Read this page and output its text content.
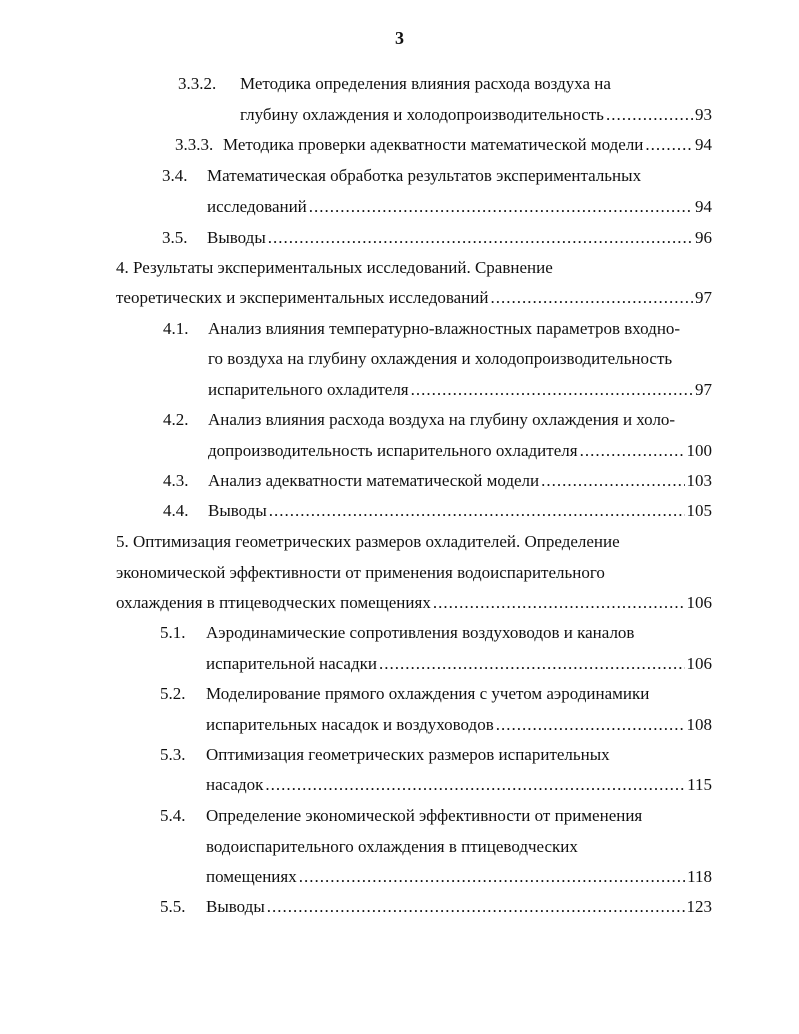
3
3.3.2. Методика определения влияния расхода воздуха на
глубину охлаждения и холодопроизводительность .....	93
3.3.3. Методика проверки адекватности математической модели .....	94
3.4. Математическая обработка результатов экспериментальных
исследований .....	94
3.5. Выводы .....	96
4. Результаты экспериментальных исследований. Сравнение
теоретических и экспериментальных исследований .....	97
4.1. Анализ влияния температурно-влажностных параметров входно-
го воздуха на глубину охлаждения и холодопроизводительность
испарительного охладителя .....	97
4.2. Анализ влияния расхода воздуха на глубину охлаждения и холо-
допроизводительность испарительного охладителя .....	100
4.3. Анализ адекватности математической модели .....	103
4.4. Выводы .....	105
5. Оптимизация геометрических размеров охладителей. Определение
экономической эффективности от применения водоиспарительного
охлаждения в птицеводческих помещениях .....	106
5.1. Аэродинамические сопротивления воздуховодов и каналов
испарительной насадки .....	106
5.2. Моделирование прямого охлаждения с учетом аэродинамики
испарительных насадок и воздуховодов .....	108
5.3. Оптимизация геометрических размеров испарительных
насадок .....	115
5.4. Определение экономической эффективности от применения
водоиспарительного охлаждения в птицеводческих
помещениях .....	118
5.5. Выводы .....	123
